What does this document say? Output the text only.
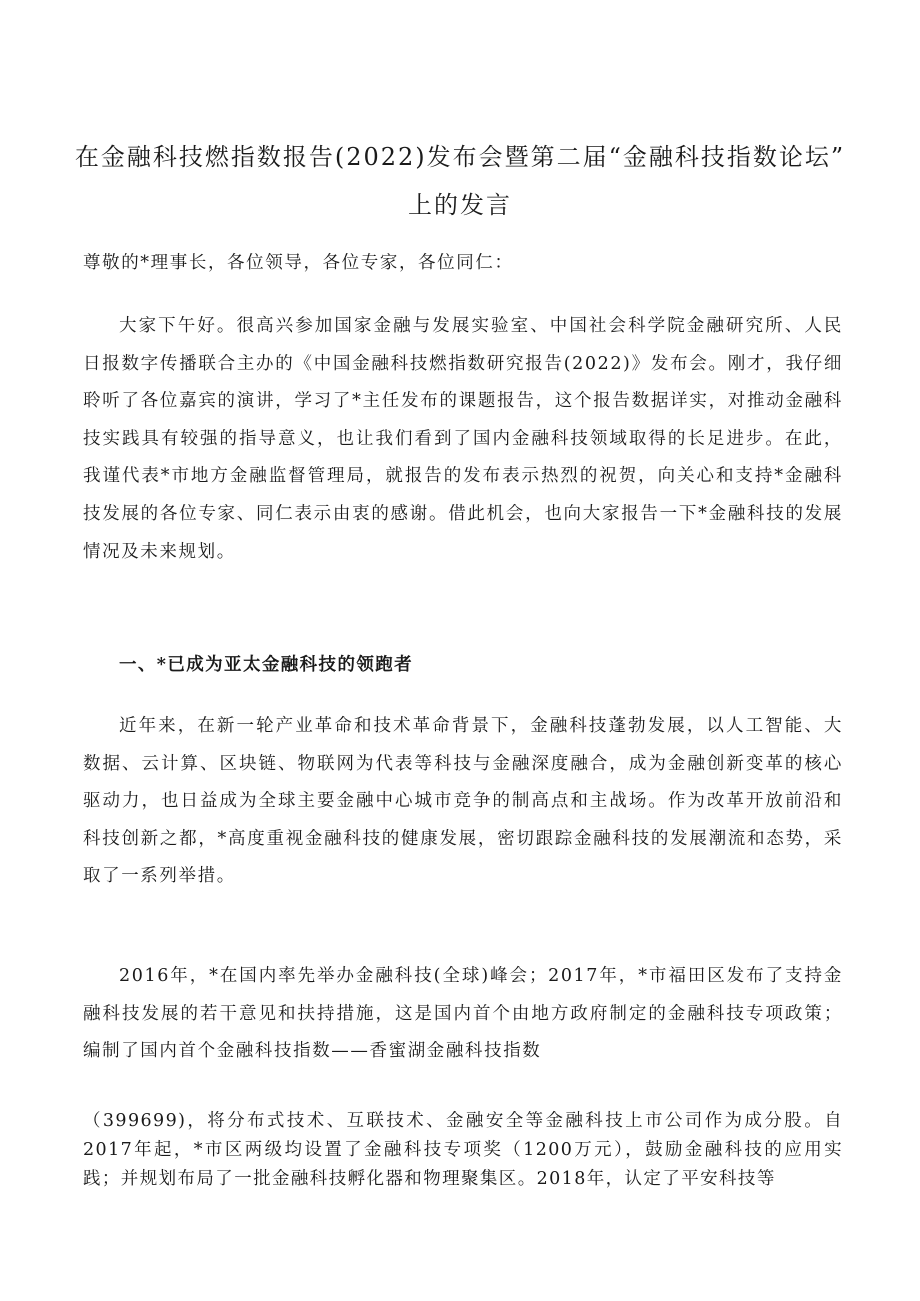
在金融科技燃指数报告(2022)发布会暨第二届“金融科技指数论坛”
上的发言
尊敬的*理事长，各位领导，各位专家，各位同仁：

大家下午好。很高兴参加国家金融与发展实验室、中国社会科学院金融研究所、人民日报数字传播联合主办的《中国金融科技燃指数研究报告(2022)》发布会。刚才，我仔细聆听了各位嘉宾的演讲，学习了*主任发布的课题报告，这个报告数据详实，对推动金融科技实践具有较强的指导意义，也让我们看到了国内金融科技领域取得的长足进步。在此，我谨代表*市地方金融监督管理局，就报告的发布表示热烈的祝贺，向关心和支持*金融科技发展的各位专家、同仁表示由衷的感谢。借此机会，也向大家报告一下*金融科技的发展情况及未来规划。

一、*已成为亚太金融科技的领跑者

近年来，在新一轮产业革命和技术革命背景下，金融科技蓬勃发展，以人工智能、大数据、云计算、区块链、物联网为代表等科技与金融深度融合，成为金融创新变革的核心驱动力，也日益成为全球主要金融中心城市竞争的制高点和主战场。作为改革开放前沿和科技创新之都，*高度重视金融科技的健康发展，密切跟踪金融科技的发展潮流和态势，采取了一系列举措。

2016年，*在国内率先举办金融科技(全球)峰会；2017年，*市福田区发布了支持金融科技发展的若干意见和扶持措施，这是国内首个由地方政府制定的金融科技专项政策；编制了国内首个金融科技指数——香蜜湖金融科技指数

（399699)，将分布式技术、互联技术、金融安全等金融科技上市公司作为成分股。自2017年起，*市区两级均设置了金融科技专项奖（1200万元），鼓励金融科技的应用实践；并规划布局了一批金融科技孵化器和物理聚集区。2018年，认定了平安科技等
